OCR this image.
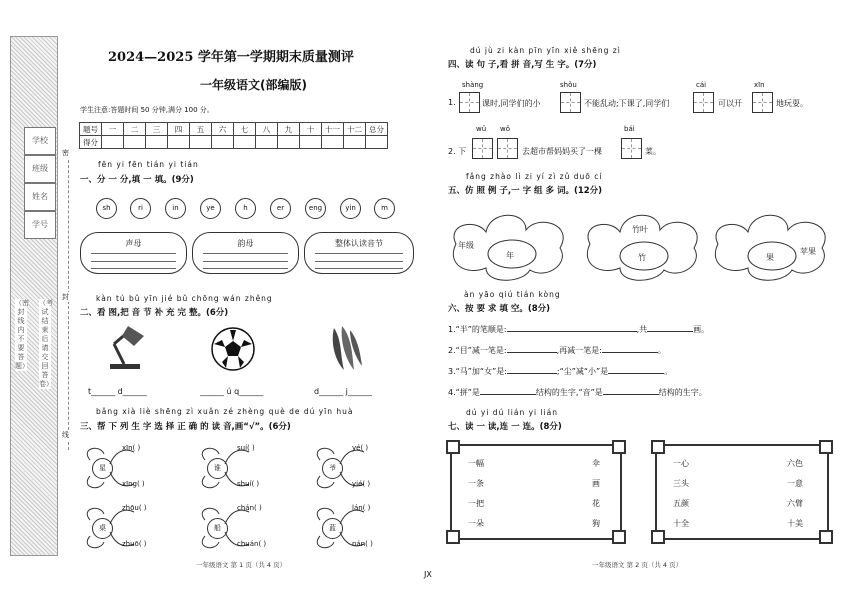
学校
班级
姓名
学号
（密封线内不要答题）
（考试结束后请交回答卷）
密
封
线
2024—2025 学年第一学期期末质量测评
一年级语文(部编版)
学生注意:答题时间 50 分钟,满分 100 分。
题号	一	二	三	四	五	六	七	八	九	十	十一	十二	总分
得分													
fēn yi fēn tián yi tián
一、分 一 分,填 一 填。(9分)
sh	ri	in	ye	h	er	eng	yin	m
声母	韵母	整体认读音节
kàn tú bǔ yīn jié bǔ chōng wán zhěng
二、看 图,把 音 节 补 充 完 整。(6分)
t______ d______	______ ú q______	d______ j______
bǎng xià liè shēng zì xuǎn zé zhèng què de dú yīn huà
三、帮 下 列 生 字 选 择 正 确 的 读 音,画“√”。(6分)
星
xīn( )
xīng( )
谁
suí( )
shuí( )
爷
yé( )
yié( )
桌
zhōu( )
zhuō( )
船
chán( )
chuán( )
蓝
lán( )
nán( )
一年级语文 第 1 页（共 4 页）
JX
dú jù zi kàn pīn yīn xiě shēng zì
四、读 句 子,看 拼 音,写 生 字。(7分)
shàng	shǒu	cái	xīn
1.	课时,同学们的小	不能乱动;下课了,同学们	可以开	地玩耍。
wǔ wǒ	bái
2. 下	去超市帮妈妈买了一棵	菜。
fǎng zhào lì zi yí zì zǔ duō cí
五、仿 照 例 子,一 字 组 多 词。(12分)
年级
年
竹叶
竹
苹果
果
àn yāo qiú tián kòng
六、按 要 求 填 空。(8分)
1.“半”的笔顺是:	,共	画。
2.“目”减一笔是:	,再减一笔是:	。
3.“马”加“女”是:	;“尘”减“小”是	。
4.“拼”是	结构的生字,“音”是	结构的生字。
dú yi dú lián yi lián
七、读 一 读,连 一 连。(8分)
一幅
一条
一把
一朵
伞
画
花
狗
一心
三头
五颜
十全
六色
一意
六臂
十美
一年级语文 第 2 页（共 4 页）
